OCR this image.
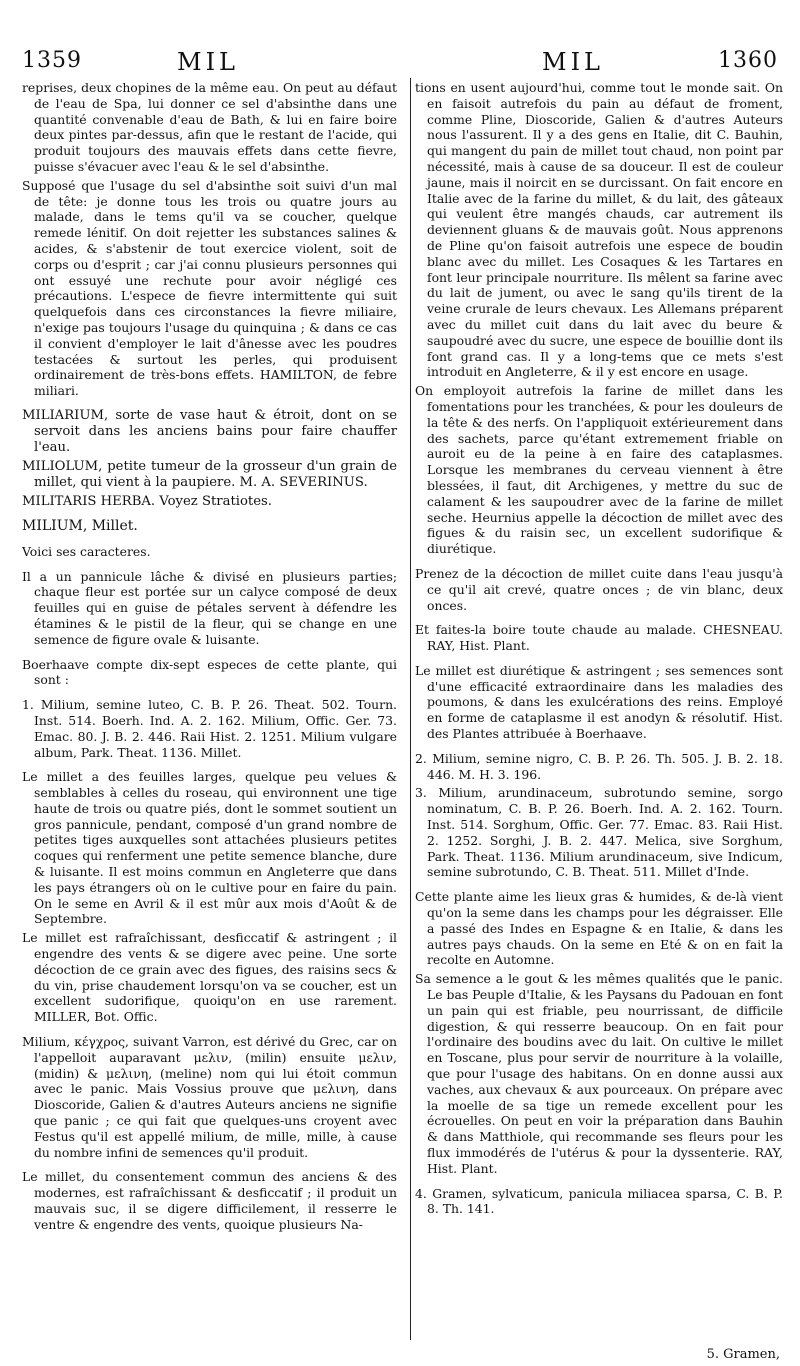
1359	MIL	MIL	1360

reprises, deux chopines de la même eau. On peut au défaut de l'eau de Spa, lui donner ce sel d'absinthe dans une quantité convenable d'eau de Bath, & lui en faire boire deux pintes par-dessus, afin que le restant de l'acide, qui produit toujours des mauvais effets dans cette fievre, puisse s'évacuer avec l'eau & le sel d'absinthe.

Supposé que l'usage du sel d'absinthe soit suivi d'un mal de tête: je donne tous les trois ou quatre jours au malade, dans le tems qu'il va se coucher, quelque remede lénitif. On doit rejetter les substances salines & acides, & s'abstenir de tout exercice violent, soit de corps ou d'esprit ; car j'ai connu plusieurs personnes qui ont essuyé une rechute pour avoir négligé ces précautions. L'espece de fievre intermittente qui suit quelquefois dans ces circonstances la fievre miliaire, n'exige pas toujours l'usage du quinquina ; & dans ce cas il convient d'employer le lait d'ânesse avec les poudres testacées & surtout les perles, qui produisent ordinairement de très-bons effets. HAMILTON, de febre miliari.

MILIARIUM, sorte de vase haut & étroit, dont on se servoit dans les anciens bains pour faire chauffer l'eau.

MILIOLUM, petite tumeur de la grosseur d'un grain de millet, qui vient à la paupiere. M. A. SEVERINUS.

MILITARIS HERBA. Voyez Stratiotes.

MILIUM, Millet.

Voici ses caracteres.

Il a un pannicule lâche & divisé en plusieurs parties; chaque fleur est portée sur un calyce composé de deux feuilles qui en guise de pétales servent à défendre les étamines & le pistil de la fleur, qui se change en une semence de figure ovale & luisante.

Boerhaave compte dix-sept especes de cette plante, qui sont :

1. Milium, semine luteo, C. B. P. 26. Theat. 502. Tourn. Inst. 514. Boerh. Ind. A. 2. 162. Milium, Offic. Ger. 73. Emac. 80. J. B. 2. 446. Raii Hist. 2. 1251. Milium vulgare album, Park. Theat. 1136. Millet.

Le millet a des feuilles larges, quelque peu velues & semblables à celles du roseau, qui environnent une tige haute de trois ou quatre piés, dont le sommet soutient un gros pannicule, pendant, composé d'un grand nombre de petites tiges auxquelles sont attachées plusieurs petites coques qui renferment une petite semence blanche, dure & luisante. Il est moins commun en Angleterre que dans les pays étrangers où on le cultive pour en faire du pain. On le seme en Avril & il est mûr aux mois d'Août & de Septembre.

Le millet est rafraîchissant, desficcatif & astringent ; il engendre des vents & se digere avec peine. Une sorte décoction de ce grain avec des figues, des raisins secs & du vin, prise chaudement lorsqu'on va se coucher, est un excellent sudorifique, quoiqu'on en use rarement. MILLER, Bot. Offic.

Milium, κέγχρος, suivant Varron, est dérivé du Grec, car on l'appelloit auparavant μελιν, (milin) ensuite μελιν, (midin) & μελινη, (meline) nom qui lui étoit commun avec le panic. Mais Vossius prouve que μελινη, dans Dioscoride, Galien & d'autres Auteurs anciens ne signifie que panic ; ce qui fait que quelques-uns croyent avec Festus qu'il est appellé milium, de mille, mille, à cause du nombre infini de semences qu'il produit.

Le millet, du consentement commun des anciens & des modernes, est rafraîchissant & desficcatif ; il produit un mauvais suc, il se digere difficilement, il resserre le ventre & engendre des vents, quoique plusieurs Na-

tions en usent aujourd'hui, comme tout le monde sait. On en faisoit autrefois du pain au défaut de froment, comme Pline, Dioscoride, Galien & d'autres Auteurs nous l'assurent. Il y a des gens en Italie, dit C. Bauhin, qui mangent du pain de millet tout chaud, non point par nécessité, mais à cause de sa douceur. Il est de couleur jaune, mais il noircit en se durcissant. On fait encore en Italie avec de la farine du millet, & du lait, des gâteaux qui veulent être mangés chauds, car autrement ils deviennent gluans & de mauvais goût. Nous apprenons de Pline qu'on faisoit autrefois une espece de boudin blanc avec du millet. Les Cosaques & les Tartares en font leur principale nourriture. Ils mêlent sa farine avec du lait de jument, ou avec le sang qu'ils tirent de la veine crurale de leurs chevaux. Les Allemans préparent avec du millet cuit dans du lait avec du beure & saupoudré avec du sucre, une espece de bouillie dont ils font grand cas. Il y a long-tems que ce mets s'est introduit en Angleterre, & il y est encore en usage.

On employoit autrefois la farine de millet dans les fomentations pour les tranchées, & pour les douleurs de la tête & des nerfs. On l'appliquoit extérieurement dans des sachets, parce qu'étant extremement friable on auroit eu de la peine à en faire des cataplasmes. Lorsque les membranes du cerveau viennent à être blessées, il faut, dit Archigenes, y mettre du suc de calament & les saupoudrer avec de la farine de millet seche. Heurnius appelle la décoction de millet avec des figues & du raisin sec, un excellent sudorifique & diurétique.

Prenez de la décoction de millet cuite dans l'eau jusqu'à ce qu'il ait crevé, quatre onces ; de vin blanc, deux onces.

Et faites-la boire toute chaude au malade. CHESNEAU. RAY, Hist. Plant.

Le millet est diurétique & astringent ; ses semences sont d'une efficacité extraordinaire dans les maladies des poumons, & dans les exulcérations des reins. Employé en forme de cataplasme il est anodyn & résolutif. Hist. des Plantes attribuée à Boerhaave.

2. Milium, semine nigro, C. B. P. 26. Th. 505. J. B. 2. 18. 446. M. H. 3. 196.

3. Milium, arundinaceum, subrotundo semine, sorgo nominatum, C. B. P. 26. Boerh. Ind. A. 2. 162. Tourn. Inst. 514. Sorghum, Offic. Ger. 77. Emac. 83. Raii Hist. 2. 1252. Sorghi, J. B. 2. 447. Melica, sive Sorghum, Park. Theat. 1136. Milium arundinaceum, sive Indicum, semine subrotundo, C. B. Theat. 511. Millet d'Inde.

Cette plante aime les lieux gras & humides, & de-là vient qu'on la seme dans les champs pour les dégraisser. Elle a passé des Indes en Espagne & en Italie, & dans les autres pays chauds. On la seme en Eté & on en fait la recolte en Automne.

Sa semence a le gout & les mêmes qualités que le panic. Le bas Peuple d'Italie, & les Paysans du Padouan en font un pain qui est friable, peu nourrissant, de difficile digestion, & qui resserre beaucoup. On en fait pour l'ordinaire des boudins avec du lait. On cultive le millet en Toscane, plus pour servir de nourriture à la volaille, que pour l'usage des habitans. On en donne aussi aux vaches, aux chevaux & aux pourceaux. On prépare avec la moelle de sa tige un remede excellent pour les écrouelles. On peut en voir la préparation dans Bauhin & dans Matthiole, qui recommande ses fleurs pour les flux immodérés de l'utérus & pour la dyssenterie. RAY, Hist. Plant.

4. Gramen, sylvaticum, panicula miliacea sparsa, C. B. P. 8. Th. 141.

5. Gramen,
